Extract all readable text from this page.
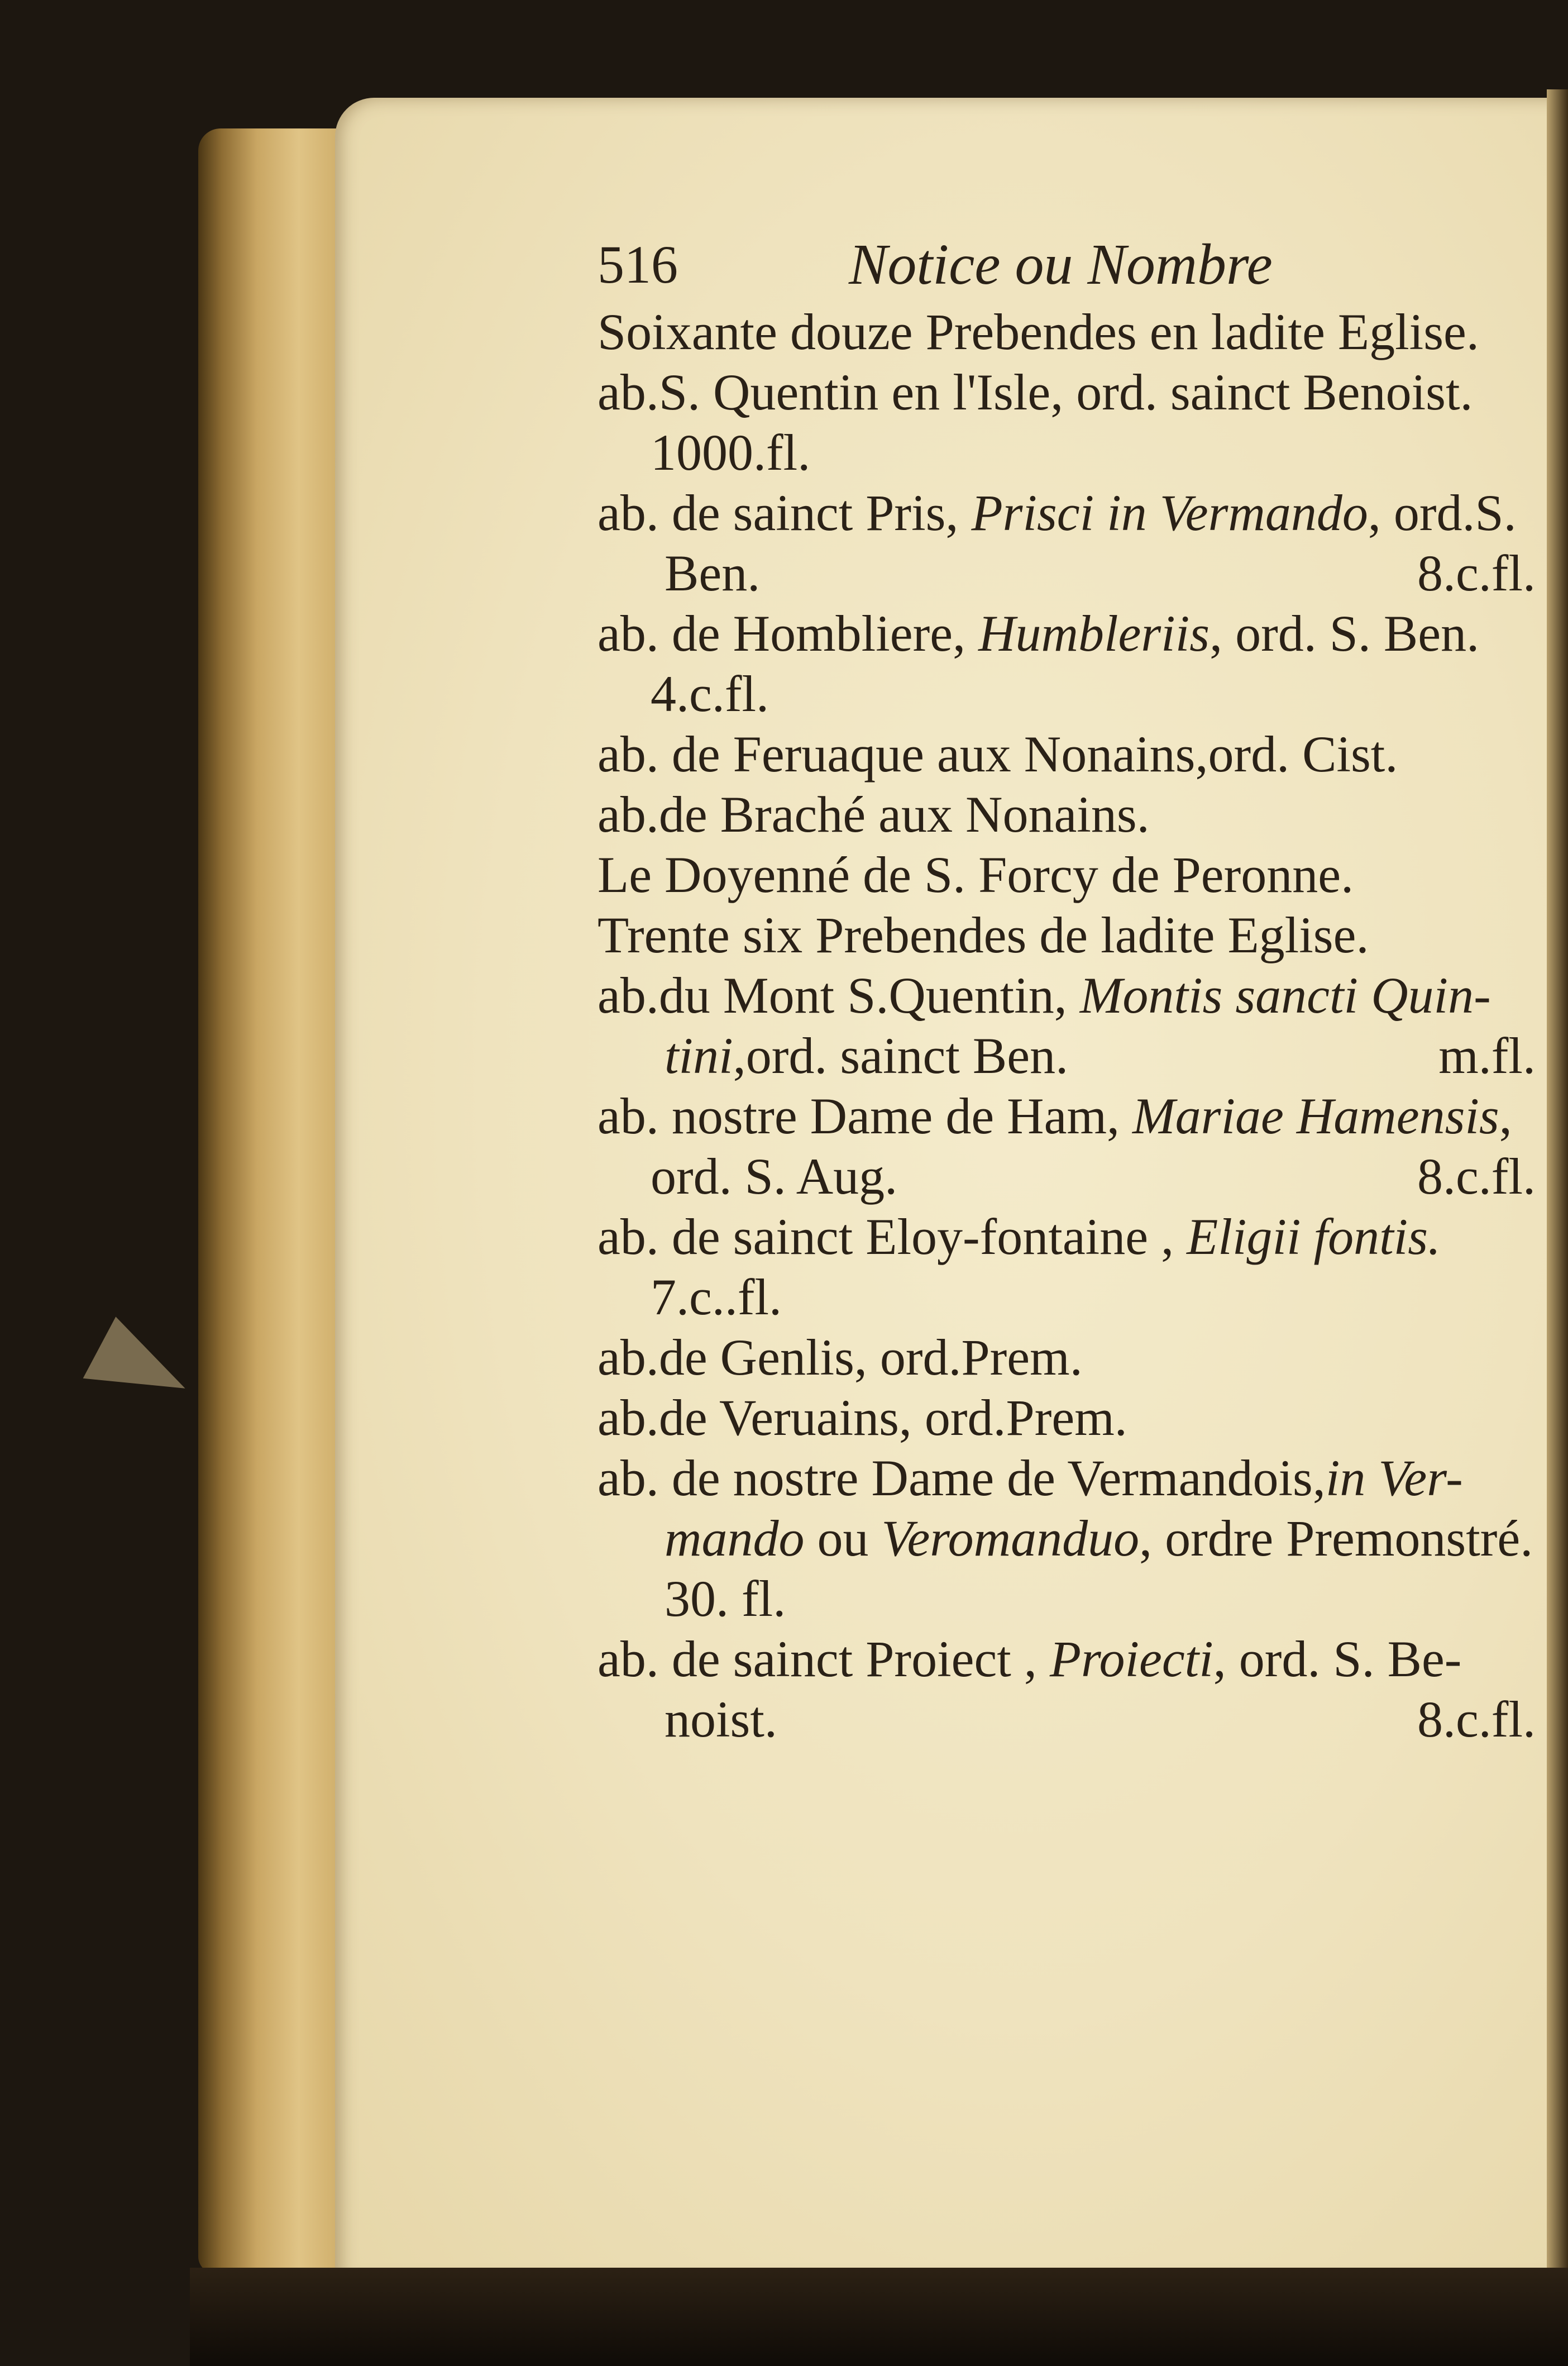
516	Notice ou Nombre
Soixante douze Prebendes en ladite Eglise.
ab.S. Quentin en l'Isle, ord. sainct Benoist.
1000.fl.
ab. de sainct Pris, Prisci in Vermando, ord.S.
Ben.	8.c.fl.
ab. de Hombliere, Humbleriis, ord. S. Ben.
4.c.fl.
ab. de Feruaque aux Nonains,ord. Cist.
ab.de Braché aux Nonains.
Le Doyenné de S. Forcy de Peronne.
Trente six Prebendes de ladite Eglise.
ab.du Mont S.Quentin, Montis sancti Quin-
tini,ord. sainct Ben.	m.fl.
ab. nostre Dame de Ham, Mariae Hamensis,
ord. S. Aug.	8.c.fl.
ab. de sainct Eloy-fontaine , Eligii fontis.
7.c..fl.
ab.de Genlis, ord.Prem.
ab.de Veruains, ord.Prem.
ab. de nostre Dame de Vermandois,in Ver-
mando ou Veromanduo, ordre Premonstré.
30. fl.
ab. de sainct Proiect , Proiecti, ord. S. Be-
noist.	8.c.fl.
